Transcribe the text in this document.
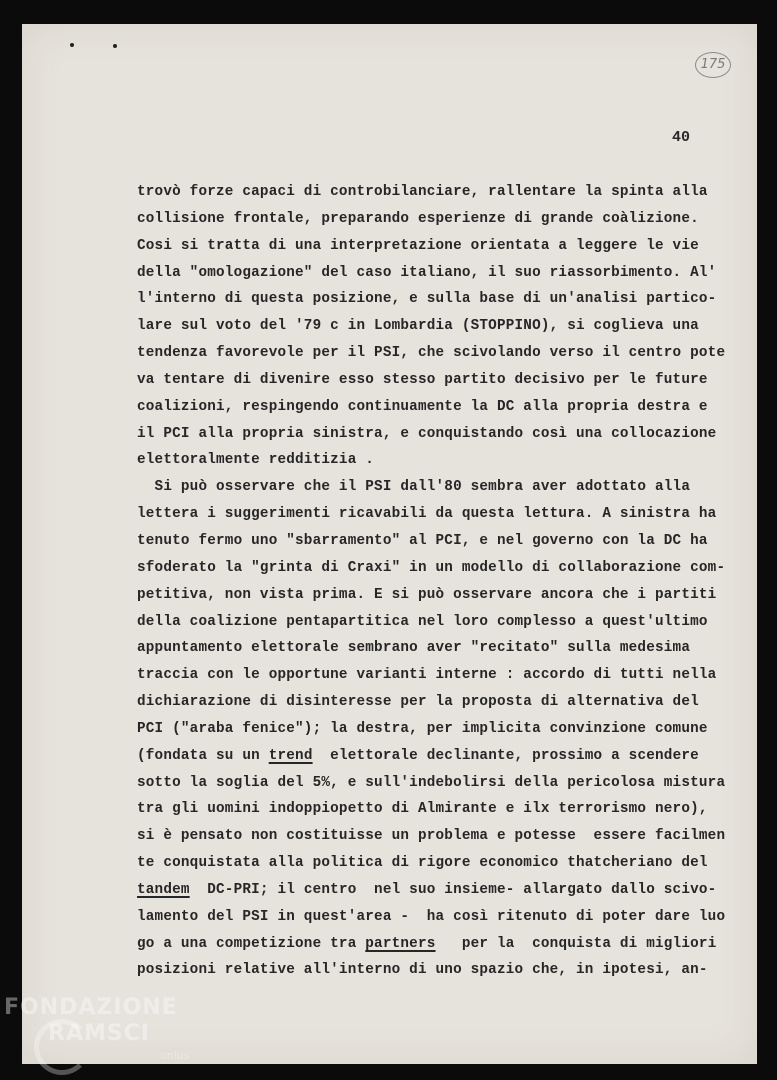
175
40
trovò forze capaci di controbilanciare, rallentare la spinta alla
collisione frontale, preparando esperienze di grande coàlizione.
Cosi si tratta di una interpretazione orientata a leggere le vie
della "omologazione" del caso italiano, il suo riassorbimento. Al'
l'interno di questa posizione, e sulla base di un'analisi partico-
lare sul voto del '79 c in Lombardia (STOPPINO), si coglieva una
tendenza favorevole per il PSI, che scivolando verso il centro pote
va tentare di divenire esso stesso partito decisivo per le future
coalizioni, respingendo continuamente la DC alla propria destra e
il PCI alla propria sinistra, e conquistando così una collocazione
elettoralmente redditizia .
Si può osservare che il PSI dall'80 sembra aver adottato alla
lettera i suggerimenti ricavabili da questa lettura. A sinistra ha
tenuto fermo uno "sbarramento" al PCI, e nel governo con la DC ha
sfoderato la "grinta di Craxi" in un modello di collaborazione com-
petitiva, non vista prima. E si può osservare ancora che i partiti
della coalizione pentapartitica nel loro complesso a quest'ultimo
appuntamento elettorale sembrano aver "recitato" sulla medesima
traccia con le opportune varianti interne : accordo di tutti nella
dichiarazione di disinteresse per la proposta di alternativa del
PCI ("araba fenice"); la destra, per implicita convinzione comune
(fondata su un trend  elettorale declinante, prossimo a scendere
sotto la soglia del 5%, e sull'indebolirsi della pericolosa mistura
tra gli uomini indoppiopetto di Almirante e ilx terrorismo nero),
si è pensato non costituisse un problema e potesse  essere facilmen
te conquistata alla politica di rigore economico thatcheriano del
tandem  DC-PRI; il centro  nel suo insieme- allargato dallo scivo-
lamento del PSI in quest'area -  ha così ritenuto di poter dare luo
go a una competizione tra partners   per la  conquista di migliori
posizioni relative all'interno di uno spazio che, in ipotesi, an-
FONDAZIONE
RAMSCI
onlus
